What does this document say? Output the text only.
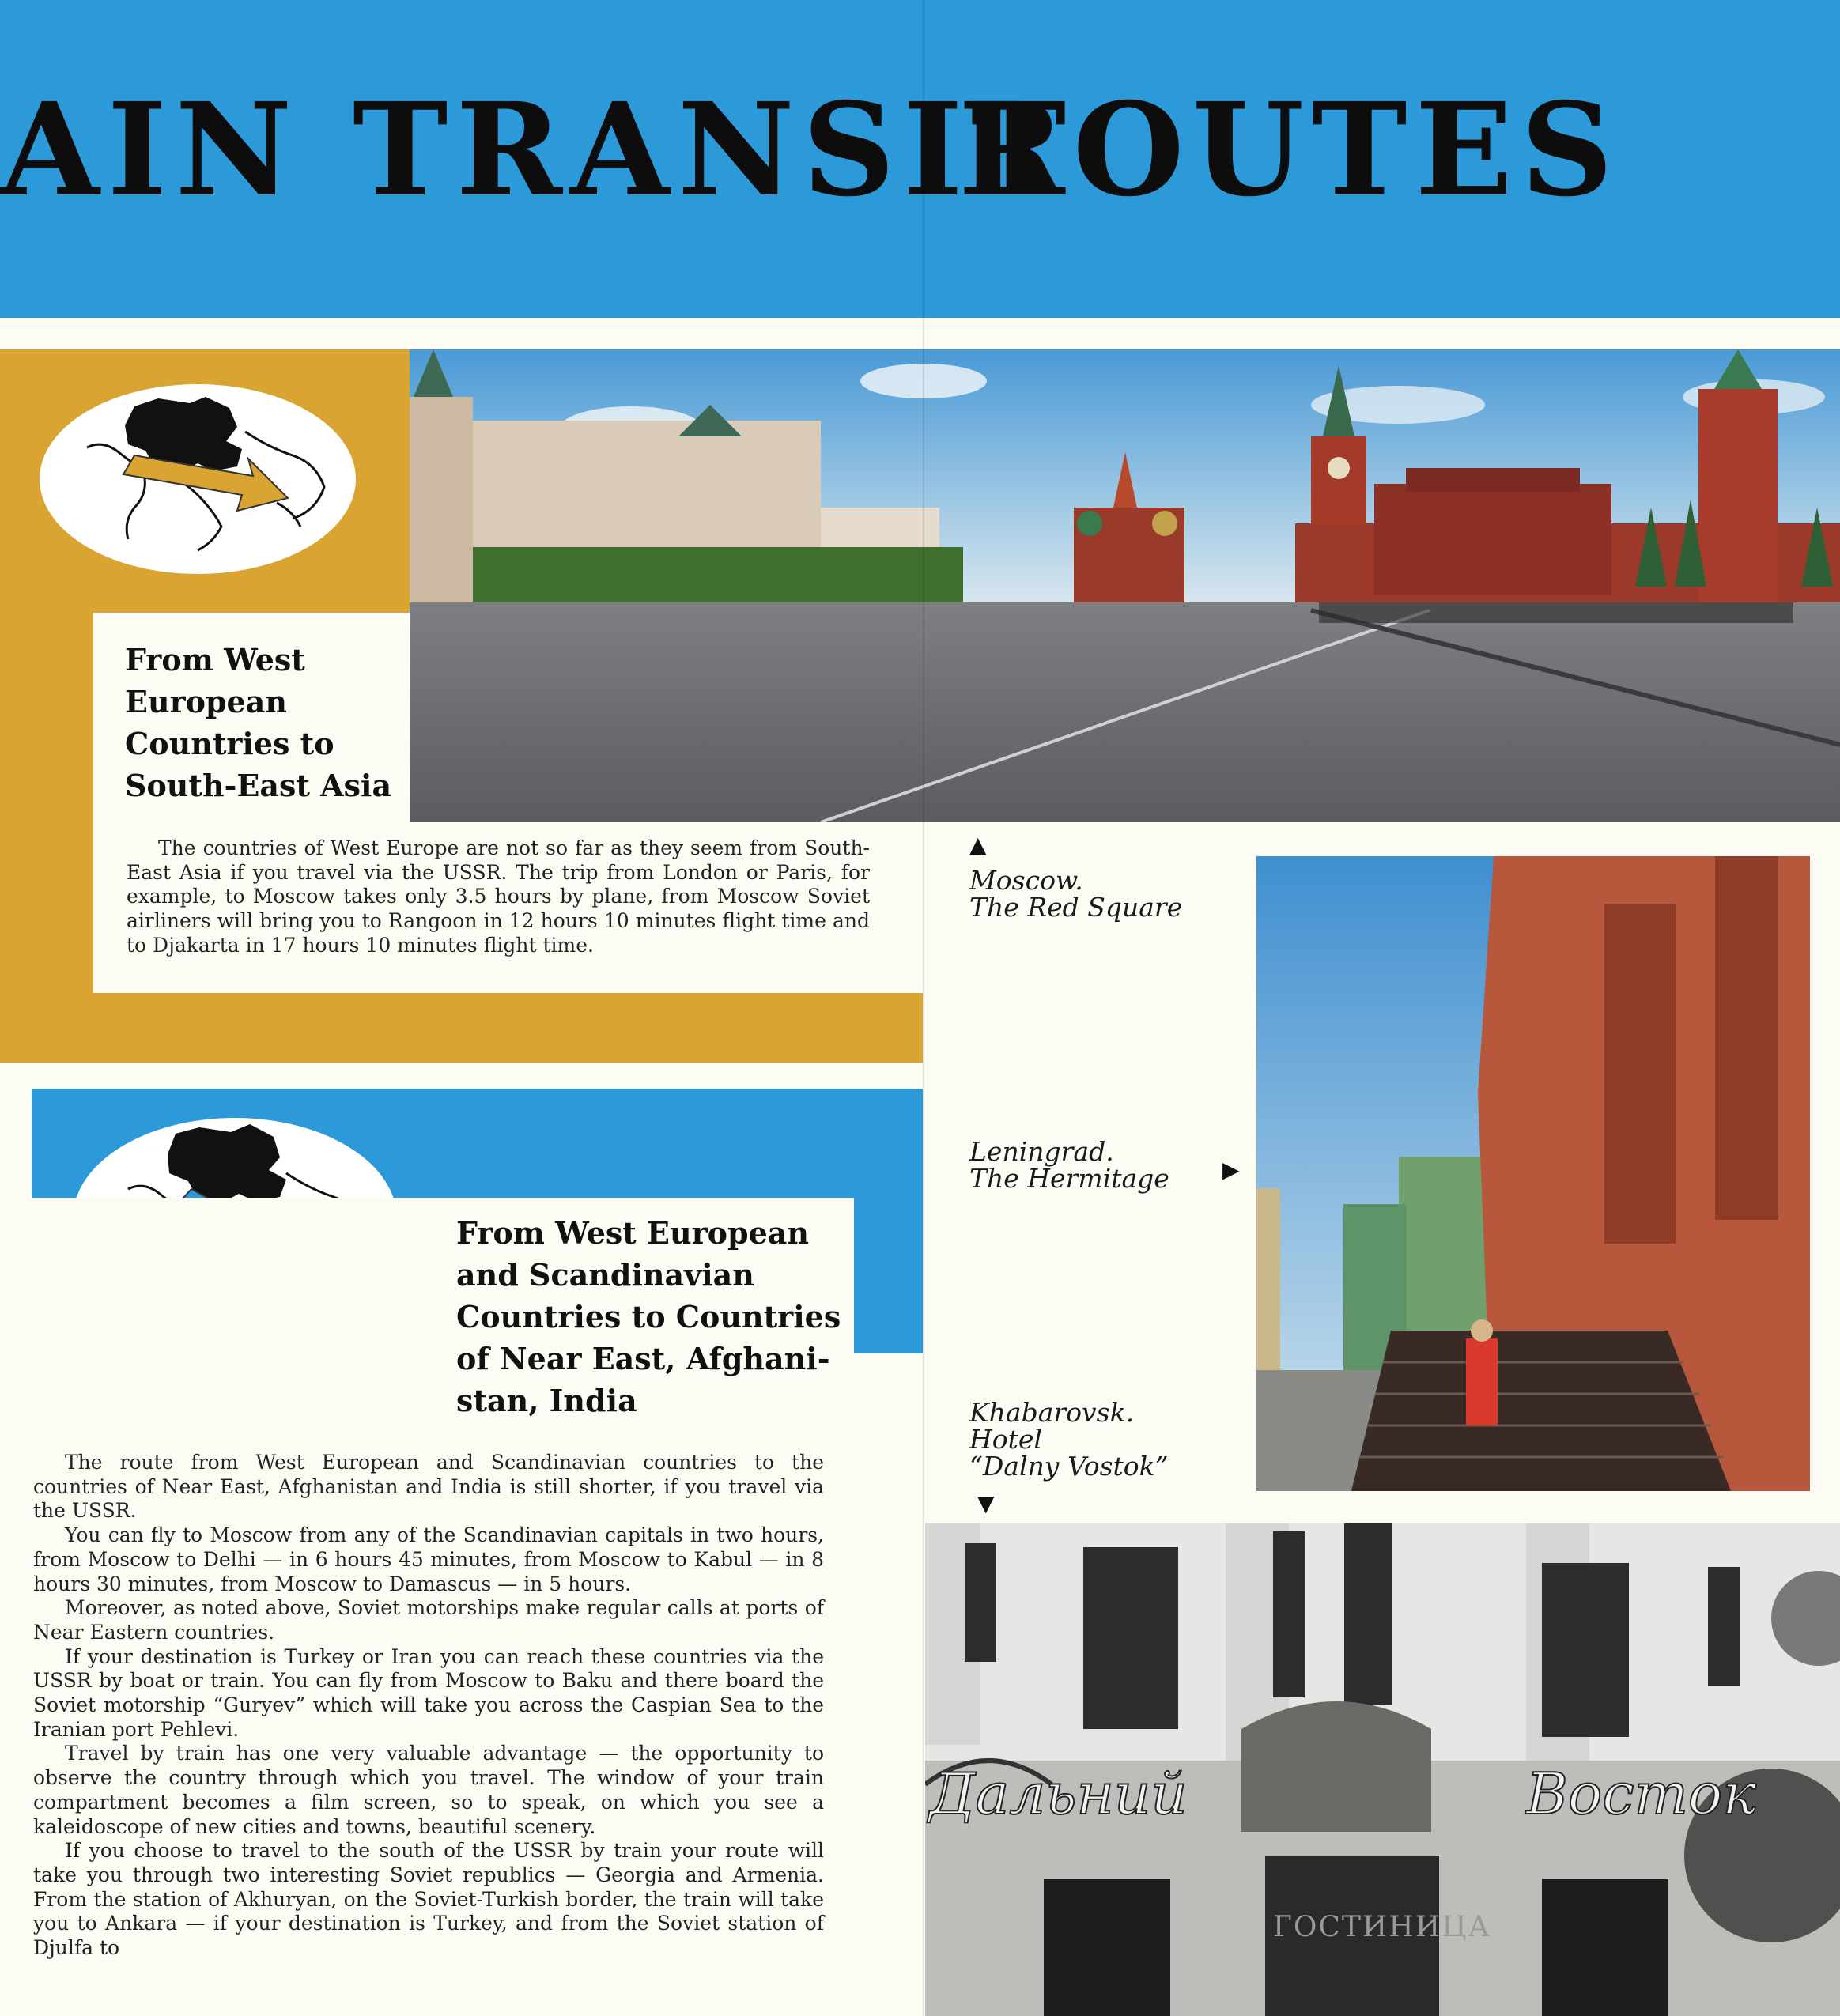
AIN TRANSIT
ROUTES
From West
European
Countries to
South-East Asia

The countries of West Europe are not so far as they seem from South-East Asia if you travel via the USSR. The trip from London or Paris, for example, to Moscow takes only 3.5 hours by plane, from Moscow Soviet airliners will bring you to Rangoon in 12 hours 10 minutes flight time and to Djakarta in 17 hours 10 minutes flight time.

▲
Moscow.
The Red Square
Leningrad.
The Hermitage ▶
Khabarovsk.
Hotel
“Dalny Vostok”
▼
Дальний	Восток
ГОСТИНИЦА
From West European
and Scandinavian
Countries to Countries
of Near East, Afghani-
stan, India

The route from West European and Scandinavian countries to the countries of Near East, Afghanistan and India is still shorter, if you travel via the USSR.

You can fly to Moscow from any of the Scandinavian capitals in two hours, from Moscow to Delhi — in 6 hours 45 minutes, from Moscow to Kabul — in 8 hours 30 minutes, from Moscow to Damascus — in 5 hours.

Moreover, as noted above, Soviet motorships make regular calls at ports of Near Eastern countries.

If your destination is Turkey or Iran you can reach these countries via the USSR by boat or train. You can fly from Moscow to Baku and there board the Soviet motorship “Guryev” which will take you across the Caspian Sea to the Iranian port Pehlevi.

Travel by train has one very valuable advantage — the opportunity to observe the country through which you travel. The window of your train compartment becomes a film screen, so to speak, on which you see a kaleidoscope of new cities and towns, beautiful scenery.

If you choose to travel to the south of the USSR by train your route will take you through two interesting Soviet republics — Georgia and Armenia. From the station of Akhuryan, on the Soviet-Turkish border, the train will take you to Ankara — if your destination is Turkey, and from the Soviet station of Djulfa to
